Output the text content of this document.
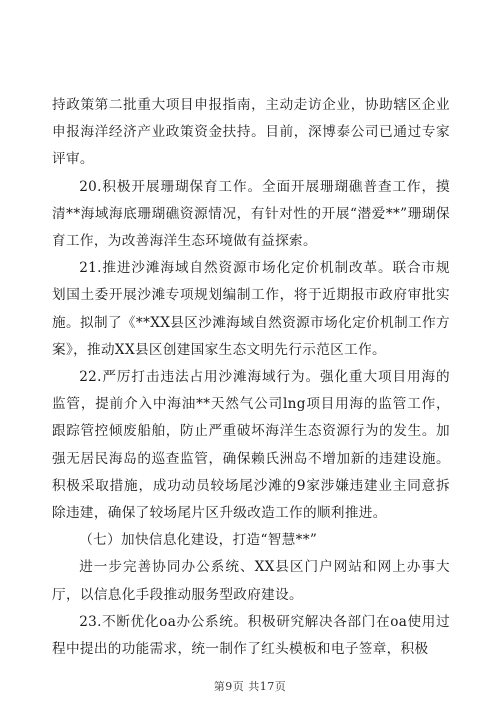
持政策第二批重大项目申报指南，主动走访企业，协助辖区企业申报海洋经济产业政策资金扶持。目前，深博泰公司已通过专家评审。

20.积极开展珊瑚保育工作。全面开展珊瑚礁普查工作，摸清**海域海底珊瑚礁资源情况，有针对性的开展“潜爱**”珊瑚保育工作，为改善海洋生态环境做有益探索。

21.推进沙滩海域自然资源市场化定价机制改革。联合市规划国土委开展沙滩专项规划编制工作，将于近期报市政府审批实施。拟制了《**XX县区沙滩海域自然资源市场化定价机制工作方案》，推动XX县区创建国家生态文明先行示范区工作。

22.严厉打击违法占用沙滩海域行为。强化重大项目用海的监管，提前介入中海油**天然气公司lng项目用海的监管工作，跟踪管控倾废船舶，防止严重破坏海洋生态资源行为的发生。加强无居民海岛的巡查监管，确保赖氏洲岛不增加新的违建设施。积极采取措施，成功动员较场尾沙滩的9家涉嫌违建业主同意拆除违建，确保了较场尾片区升级改造工作的顺利推进。

（七）加快信息化建设，打造“智慧**”

进一步完善协同办公系统、XX县区门户网站和网上办事大厅，以信息化手段推动服务型政府建设。

23.不断优化oa办公系统。积极研究解决各部门在oa使用过程中提出的功能需求，统一制作了红头模板和电子签章，积极

第9页 共17页
